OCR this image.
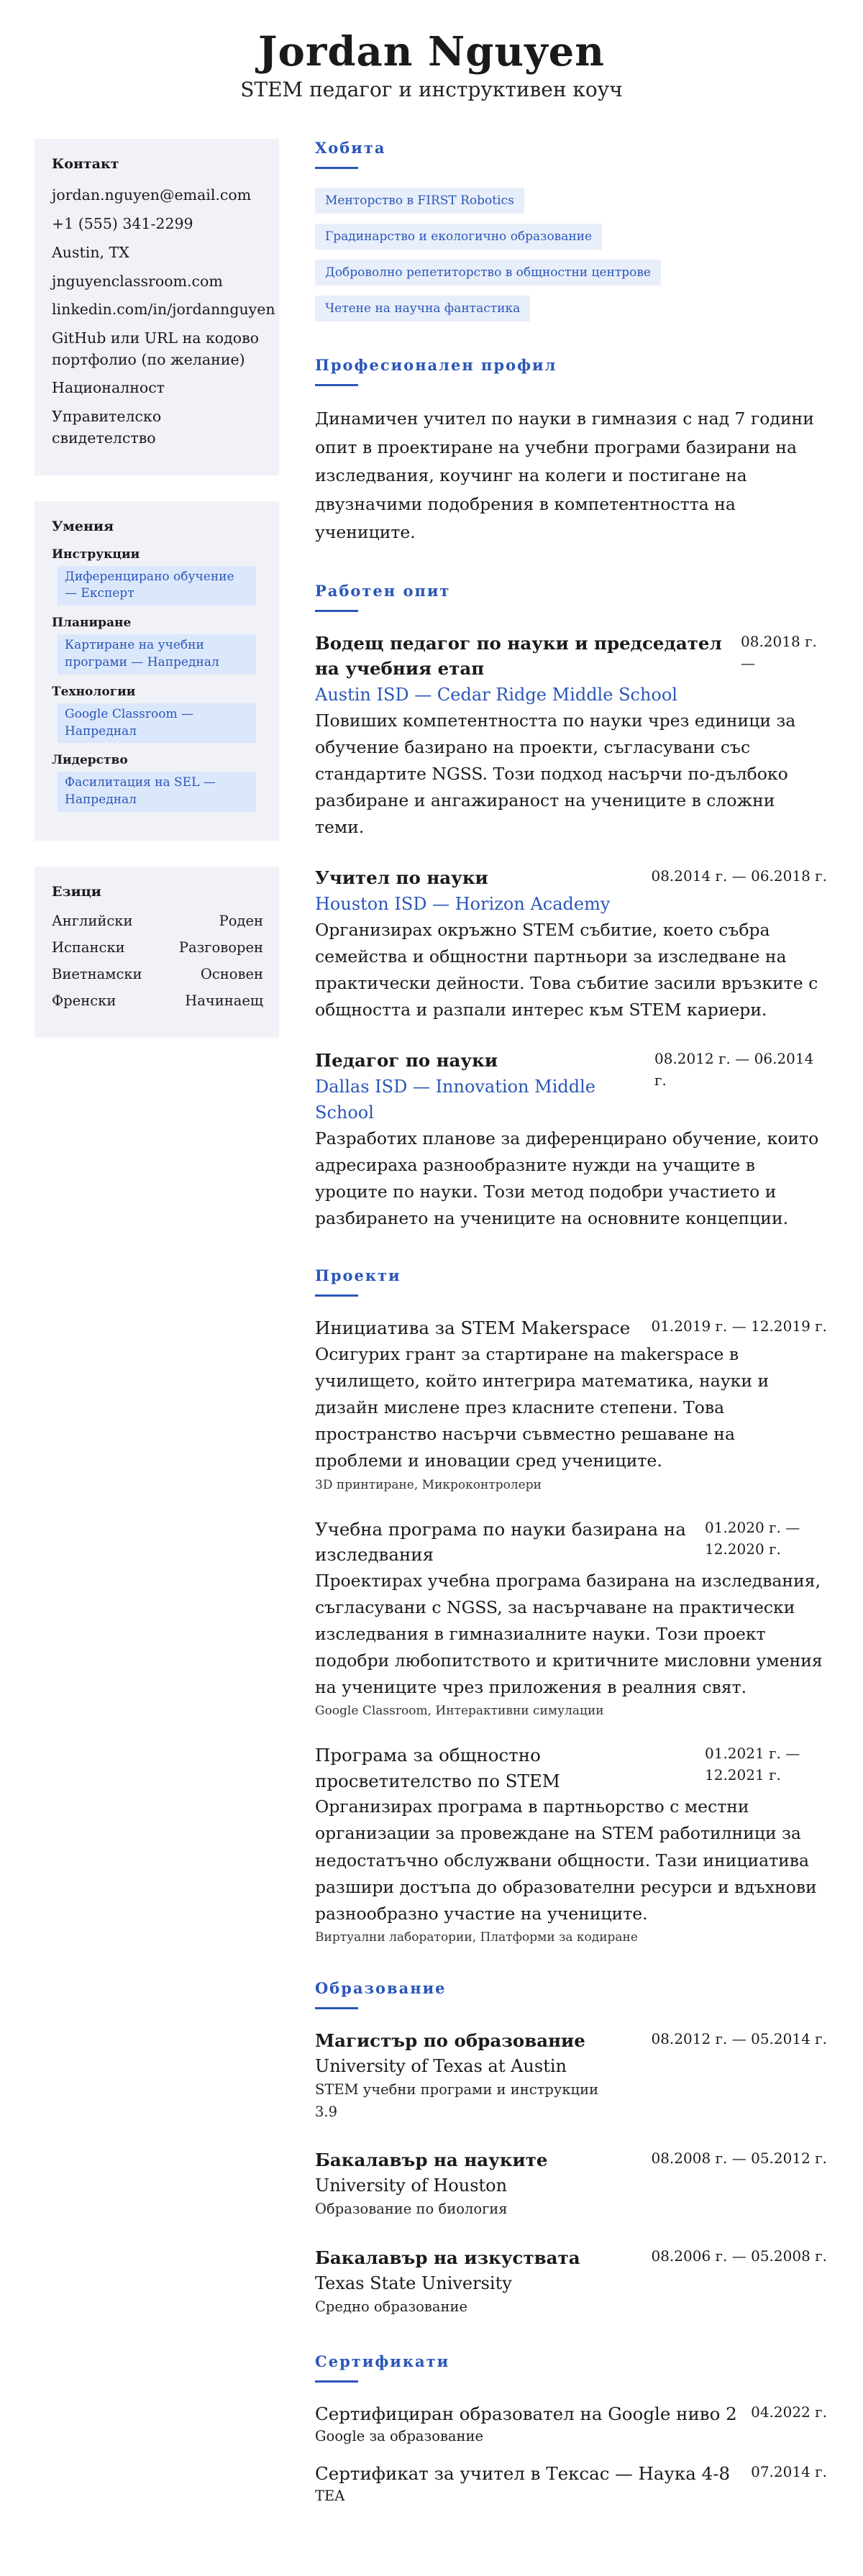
Jordan Nguyen
STEM педагог и инструктивен коуч
Контакт
jordan.nguyen@email.com
+1 (555) 341-2299
Austin, TX
jnguyenclassroom.com
linkedin.com/in/jordannguyen
GitHub или URL на кодово портфолио (по желание)
Националност
Управителско свидетелство
Умения
Инструкции
Диференцирано обучение — Експерт
Планиране
Картиране на учебни програми — Напреднал
Технологии
Google Classroom — Напреднал
Лидерство
Фасилитация на SEL — Напреднал
Езици
Английски	Роден
Испански	Разговорен
Виетнамски	Основен
Френски	Начинаещ
Хобита
Менторство в FIRST Robotics
Градинарство и екологично образование
Доброволно репетиторство в общностни центрове
Четене на научна фантастика
Професионален профил
Динамичен учител по науки в гимназия с над 7 години опит в проектиране на учебни програми базирани на изследвания, коучинг на колеги и постигане на двузначими подобрения в компетентността на учениците.
Работен опит
Водещ педагог по науки и председател на учебния етап
08.2018 г. —
Austin ISD — Cedar Ridge Middle School
Повиших компетентността по науки чрез единици за обучение базирано на проекти, съгласувани със стандартите NGSS. Този подход насърчи по-дълбоко разбиране и ангажираност на учениците в сложни теми.
Учител по науки	08.2014 г. — 06.2018 г.
Houston ISD — Horizon Academy
Организирах окръжно STEM събитие, което събра семейства и общностни партньори за изследване на практически дейности. Това събитие засили връзките с общността и разпали интерес към STEM кариери.
Педагог по науки
Dallas ISD — Innovation Middle School
08.2012 г. — 06.2014 г.
Разработих планове за диференцирано обучение, които адресираха разнообразните нужди на учащите в уроците по науки. Този метод подобри участието и разбирането на учениците на основните концепции.
Проекти
Инициатива за STEM Makerspace 01.2019 г. — 12.2019 г.
Осигурих грант за стартиране на makerspace в училището, който интегрира математика, науки и дизайн мислене през класните степени. Това пространство насърчи съвместно решаване на проблеми и иновации сред учениците.
3D принтиране, Микроконтролери
Учебна програма по науки базирана на изследвания
01.2020 г. — 12.2020 г.
Проектирах учебна програма базирана на изследвания, съгласувани с NGSS, за насърчаване на практически изследвания в гимназиалните науки. Този проект подобри любопитството и критичните мисловни умения на учениците чрез приложения в реалния свят.
Google Classroom, Интерактивни симулации
Програма за общностно просветителство по STEM
01.2021 г. — 12.2021 г.
Организирах програма в партньорство с местни организации за провеждане на STEM работилници за недостатъчно обслужвани общности. Тази инициатива разшири достъпа до образователни ресурси и вдъхнови разнообразно участие на учениците.
Виртуални лаборатории, Платформи за кодиране
Образование
Магистър по образование	08.2012 г. — 05.2014 г.
University of Texas at Austin
STEM учебни програми и инструкции
3.9
Бакалавър на науките	08.2008 г. — 05.2012 г.
University of Houston
Образование по биология
Бакалавър на изкуствата	08.2006 г. — 05.2008 г.
Texas State University
Средно образование
Сертификати
Сертифициран образовател на Google ниво 2 04.2022 г.
Google за образование
Сертификат за учител в Тексас — Наука 4-8 07.2014 г.
TEA
